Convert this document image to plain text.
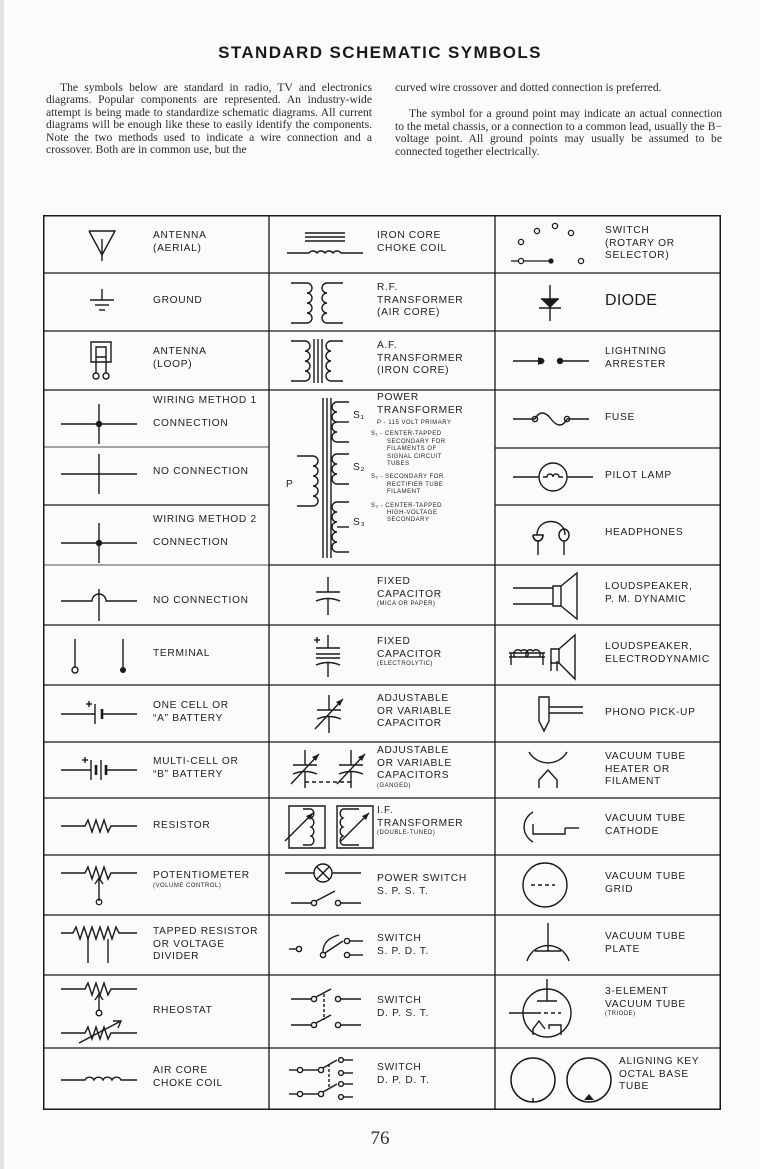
STANDARD SCHEMATIC SYMBOLS

The symbols below are standard in radio, TV and electronics diagrams. Popular components are represented. An industry-wide attempt is being made to standardize schematic diagrams. All current diagrams will be enough like these to easily identify the components. Note the two methods used to indicate a wire connection and a crossover. Both are in common use, but the

curved wire crossover and dotted connection is preferred.

The symbol for a ground point may indicate an actual connection to the metal chassis, or a connection to a common lead, usually the B− voltage point. All ground points may usually be assumed to be connected together electrically.

ANTENNA
(AERIAL)
GROUND
ANTENNA
(LOOP)
WIRING METHOD 1
CONNECTION
NO CONNECTION
WIRING METHOD 2
CONNECTION
NO CONNECTION
TERMINAL
ONE CELL OR
“A” BATTERY
MULTI-CELL OR
“B” BATTERY
RESISTOR
POTENTIOMETER
(VOLUME CONTROL)
TAPPED RESISTOR
OR VOLTAGE
DIVIDER
RHEOSTAT
AIR CORE
CHOKE COIL
IRON CORE
CHOKE COIL
R.F.
TRANSFORMER
(AIR CORE)
A.F.
TRANSFORMER
(IRON CORE)
P
S₁
S₂
S₃
POWER
TRANSFORMER
P - 115 VOLT PRIMARY
S₁ - CENTER-TAPPED
SECONDARY FOR
FILAMENTS OF
SIGNAL CIRCUIT
TUBES
S₂ - SECONDARY FOR
RECTIFIER TUBE
FILAMENT
S₃ - CENTER-TAPPED
HIGH-VOLTAGE
SECONDARY
FIXED
CAPACITOR
(MICA OR PAPER)
FIXED
CAPACITOR
(ELECTROLYTIC)
ADJUSTABLE
OR VARIABLE
CAPACITOR
ADJUSTABLE
OR VARIABLE
CAPACITORS
(GANGED)
I.F.
TRANSFORMER
(DOUBLE-TUNED)
POWER SWITCH
S. P. S. T.
SWITCH
S. P. D. T.
SWITCH
D. P. S. T.
SWITCH
D. P. D. T.
SWITCH
(ROTARY OR
SELECTOR)
DIODE
LIGHTNING
ARRESTER
FUSE
PILOT LAMP
HEADPHONES
LOUDSPEAKER,
P. M. DYNAMIC
LOUDSPEAKER,
ELECTRODYNAMIC
PHONO PICK-UP
VACUUM TUBE
HEATER OR
FILAMENT
VACUUM TUBE
CATHODE
VACUUM TUBE
GRID
VACUUM TUBE
PLATE
3-ELEMENT
VACUUM TUBE
(TRIODE)
ALIGNING KEY
OCTAL BASE
TUBE
76
